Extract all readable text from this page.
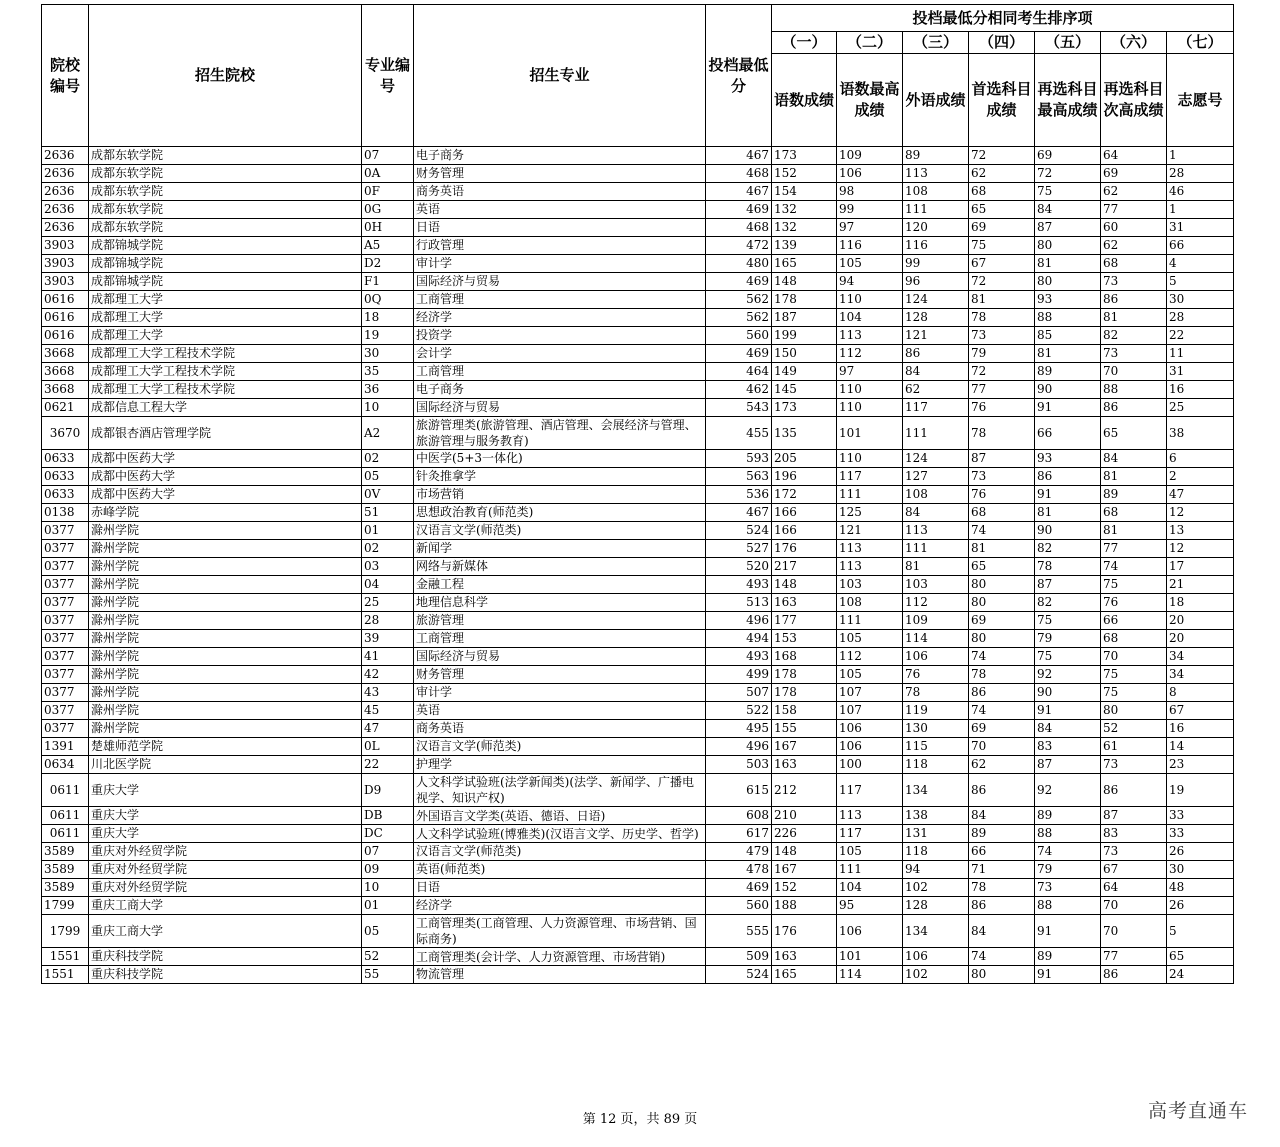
院校编号	招生院校	专业编号	招生专业	投档最低分	投档最低分相同考生排序项						
					（一）	（二）	（三）	（四）	（五）	（六）	（七）
					语数成绩	语数最高成绩	外语成绩	首选科目成绩	再选科目最高成绩	再选科目次高成绩	志愿号
2636	成都东软学院	07	电子商务	467	173	109	89	72	69	64	1
2636	成都东软学院	0A	财务管理	468	152	106	113	62	72	69	28
2636	成都东软学院	0F	商务英语	467	154	98	108	68	75	62	46
2636	成都东软学院	0G	英语	469	132	99	111	65	84	77	1
2636	成都东软学院	0H	日语	468	132	97	120	69	87	60	31
3903	成都锦城学院	A5	行政管理	472	139	116	116	75	80	62	66
3903	成都锦城学院	D2	审计学	480	165	105	99	67	81	68	4
3903	成都锦城学院	F1	国际经济与贸易	469	148	94	96	72	80	73	5
0616	成都理工大学	0Q	工商管理	562	178	110	124	81	93	86	30
0616	成都理工大学	18	经济学	562	187	104	128	78	88	81	28
0616	成都理工大学	19	投资学	560	199	113	121	73	85	82	22
3668	成都理工大学工程技术学院	30	会计学	469	150	112	86	79	81	73	11
3668	成都理工大学工程技术学院	35	工商管理	464	149	97	84	72	89	70	31
3668	成都理工大学工程技术学院	36	电子商务	462	145	110	62	77	90	88	16
0621	成都信息工程大学	10	国际经济与贸易	543	173	110	117	76	91	86	25
3670	成都银杏酒店管理学院	A2	旅游管理类(旅游管理、酒店管理、会展经济与管理、旅游管理与服务教育)	455	135	101	111	78	66	65	38
0633	成都中医药大学	02	中医学(5+3一体化)	593	205	110	124	87	93	84	6
0633	成都中医药大学	05	针灸推拿学	563	196	117	127	73	86	81	2
0633	成都中医药大学	0V	市场营销	536	172	111	108	76	91	89	47
0138	赤峰学院	51	思想政治教育(师范类)	467	166	125	84	68	81	68	12
0377	滁州学院	01	汉语言文学(师范类)	524	166	121	113	74	90	81	13
0377	滁州学院	02	新闻学	527	176	113	111	81	82	77	12
0377	滁州学院	03	网络与新媒体	520	217	113	81	65	78	74	17
0377	滁州学院	04	金融工程	493	148	103	103	80	87	75	21
0377	滁州学院	25	地理信息科学	513	163	108	112	80	82	76	18
0377	滁州学院	28	旅游管理	496	177	111	109	69	75	66	20
0377	滁州学院	39	工商管理	494	153	105	114	80	79	68	20
0377	滁州学院	41	国际经济与贸易	493	168	112	106	74	75	70	34
0377	滁州学院	42	财务管理	499	178	105	76	78	92	75	34
0377	滁州学院	43	审计学	507	178	107	78	86	90	75	8
0377	滁州学院	45	英语	522	158	107	119	74	91	80	67
0377	滁州学院	47	商务英语	495	155	106	130	69	84	52	16
1391	楚雄师范学院	0L	汉语言文学(师范类)	496	167	106	115	70	83	61	14
0634	川北医学院	22	护理学	503	163	100	118	62	87	73	23
0611	重庆大学	D9	人文科学试验班(法学新闻类)(法学、新闻学、广播电视学、知识产权)	615	212	117	134	86	92	86	19
0611	重庆大学	DB	外国语言文学类(英语、德语、日语)	608	210	113	138	84	89	87	33
0611	重庆大学	DC	人文科学试验班(博雅类)(汉语言文学、历史学、哲学)	617	226	117	131	89	88	83	33
3589	重庆对外经贸学院	07	汉语言文学(师范类)	479	148	105	118	66	74	73	26
3589	重庆对外经贸学院	09	英语(师范类)	478	167	111	94	71	79	67	30
3589	重庆对外经贸学院	10	日语	469	152	104	102	78	73	64	48
1799	重庆工商大学	01	经济学	560	188	95	128	86	88	70	26
1799	重庆工商大学	05	工商管理类(工商管理、人力资源管理、市场营销、国际商务)	555	176	106	134	84	91	70	5
1551	重庆科技学院	52	工商管理类(会计学、人力资源管理、市场营销)	509	163	101	106	74	89	77	65
1551	重庆科技学院	55	物流管理	524	165	114	102	80	91	86	24
第 12 页，共 89 页	高考直通车
